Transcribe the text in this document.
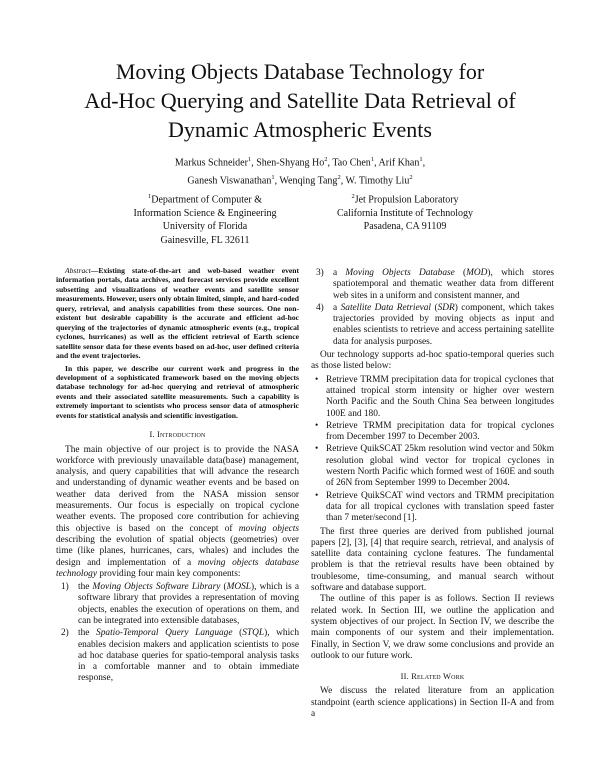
Moving Objects Database Technology for
Ad-Hoc Querying and Satellite Data Retrieval of
Dynamic Atmospheric Events
Markus Schneider$^1$, Shen-Shyang Ho$^2$, Tao Chen$^1$, Arif Khan$^1$,
Ganesh Viswanathan$^1$, Wenqing Tang$^2$, W. Timothy Liu$^2$
$^1$Department of Computer &
Information Science & Engineering
University of Florida
Gainesville, FL 32611
$^2$Jet Propulsion Laboratory
California Institute of Technology
Pasadena, CA 91109

Abstract—Existing state-of-the-art and web-based weather event information portals, data archives, and forecast services provide excellent subsetting and visualizations of weather events and satellite sensor measurements. However, users only obtain limited, simple, and hard-coded query, retrieval, and analysis capabilities from these sources. One non-existent but desirable capability is the accurate and efficient ad-hoc querying of the trajectories of dynamic atmospheric events (e.g., tropical cyclones, hurricanes) as well as the efficient retrieval of Earth science satellite sensor data for these events based on ad-hoc, user defined criteria and the event trajectories.

In this paper, we describe our current work and progress in the development of a sophisticated framework based on the moving objects database technology for ad-hoc querying and retrieval of atmospheric events and their associated satellite measurements. Such a capability is extremely important to scientists who process sensor data of atmospheric events for statistical analysis and scientific investigation.

I. Introduction

The main objective of our project is to provide the NASA workforce with previously unavailable data(base) management, analysis, and query capabilities that will advance the research and understanding of dynamic weather events and be based on weather data derived from the NASA mission sensor measurements. Our focus is especially on tropical cyclone weather events. The proposed core contribution for achieving this objective is based on the concept of moving objects describing the evolution of spatial objects (geometries) over time (like planes, hurricanes, cars, whales) and includes the design and implementation of a moving objects database technology providing four main key components:

1) the Moving Objects Software Library (MOSL), which is a software library that provides a representation of moving objects, enables the execution of operations on them, and can be integrated into extensible databases,
2) the Spatio-Temporal Query Language (STQL), which enables decision makers and application scientists to pose ad hoc database queries for spatio-temporal analysis tasks in a comfortable manner and to obtain immediate response,
3) a Moving Objects Database (MOD), which stores spatiotemporal and thematic weather data from different web sites in a uniform and consistent manner, and
4) a Satellite Data Retrieval (SDR) component, which takes trajectories provided by moving objects as input and enables scientists to retrieve and access pertaining satellite data for analysis purposes.

Our technology supports ad-hoc spatio-temporal queries such as those listed below:

• Retrieve TRMM precipitation data for tropical cyclones that attained tropical storm intensity or higher over western North Pacific and the South China Sea between longitudes 100E and 180.
• Retrieve TRMM precipitation data for tropical cyclones from December 1997 to December 2003.
• Retrieve QuikSCAT 25km resolution wind vector and 50km resolution global wind vector for tropical cyclones in western North Pacific which formed west of 160E and south of 26N from September 1999 to December 2004.
• Retrieve QuikSCAT wind vectors and TRMM precipitation data for all tropical cyclones with translation speed faster than 7 meter/second [1].

The first three queries are derived from published journal papers [2], [3], [4] that require search, retrieval, and analysis of satellite data containing cyclone features. The fundamental problem is that the retrieval results have been obtained by troublesome, time-consuming, and manual search without software and database support.

The outline of this paper is as follows. Section II reviews related work. In Section III, we outline the application and system objectives of our project. In Section IV, we describe the main components of our system and their implementation. Finally, in Section V, we draw some conclusions and provide an outlook to our future work.

II. Related Work

We discuss the related literature from an application standpoint (earth science applications) in Section II-A and from a
